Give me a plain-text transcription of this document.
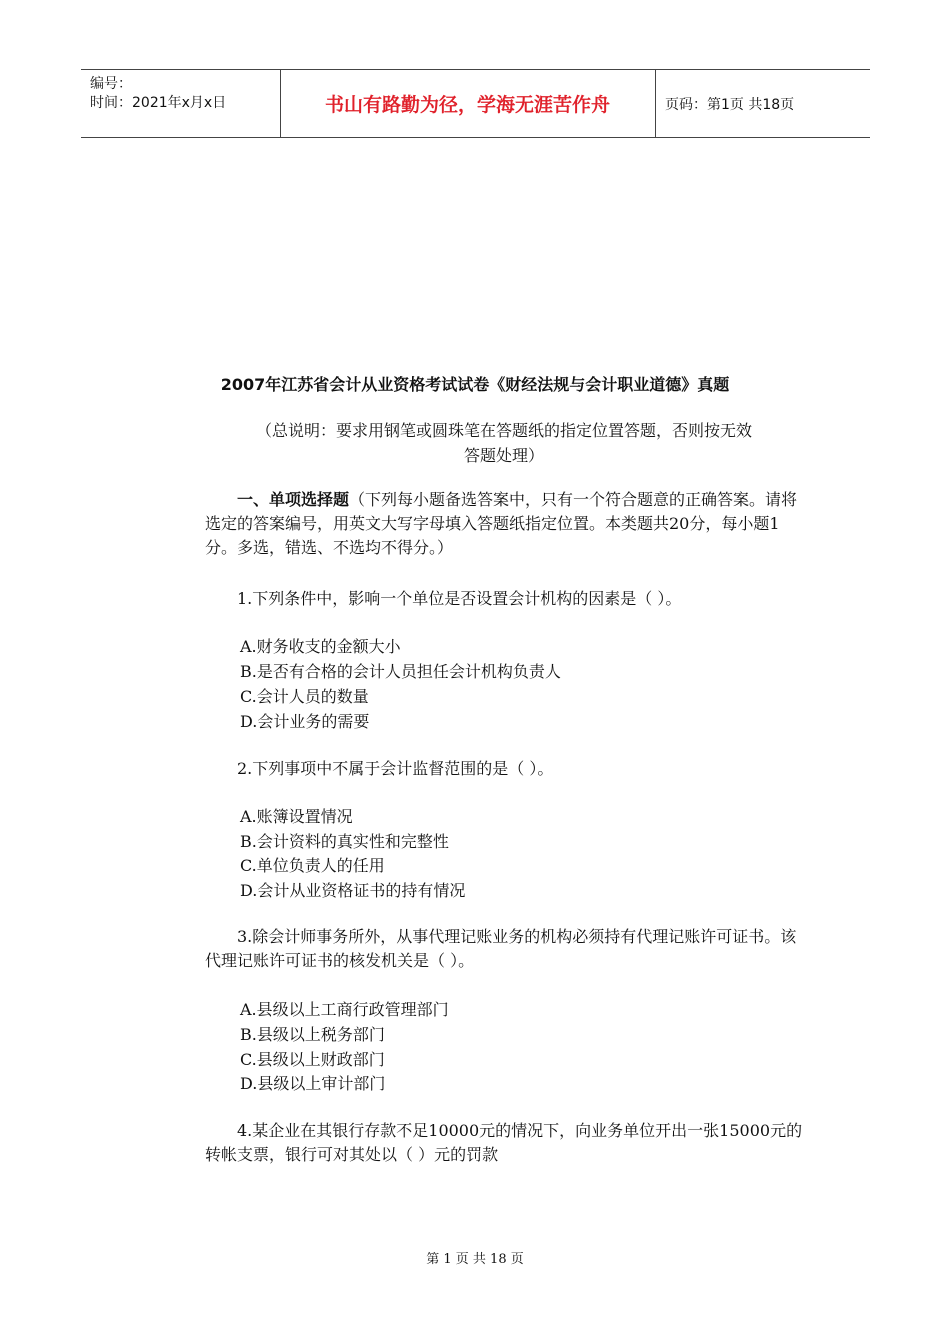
编号：
时间：2021年x月x日	书山有路勤为径，学海无涯苦作舟	页码：第1页 共18页
2007年江苏省会计从业资格考试试卷《财经法规与会计职业道德》真题
（总说明：要求用钢笔或圆珠笔在答题纸的指定位置答题，否则按无效
答题处理）
一、单项选择题（下列每小题备选答案中，只有一个符合题意的正确答案。请将选定的答案编号，用英文大写字母填入答题纸指定位置。本类题共20分，每小题1分。多选，错选、不选均不得分。）
1.下列条件中，影响一个单位是否设置会计机构的因素是（ ）。
A.财务收支的金额大小
B.是否有合格的会计人员担任会计机构负责人
C.会计人员的数量
D.会计业务的需要
2.下列事项中不属于会计监督范围的是（ ）。
A.账簿设置情况
B.会计资料的真实性和完整性
C.单位负责人的任用
D.会计从业资格证书的持有情况
3.除会计师事务所外，从事代理记账业务的机构必须持有代理记账许可证书。该代理记账许可证书的核发机关是（ ）。
A.县级以上工商行政管理部门
B.县级以上税务部门
C.县级以上财政部门
D.县级以上审计部门
4.某企业在其银行存款不足10000元的情况下，向业务单位开出一张15000元的转帐支票，银行可对其处以（ ）元的罚款
第 1 页 共 18 页
